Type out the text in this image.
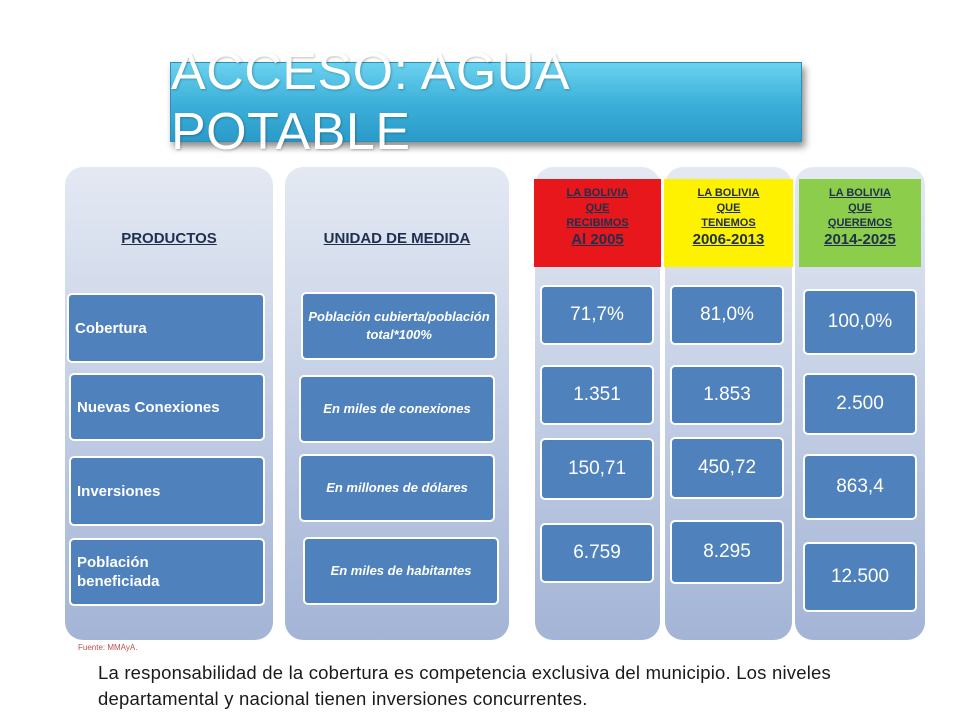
ACCESO: AGUA POTABLE
PRODUCTOS
Cobertura
Nuevas Conexiones
Inversiones
Población beneficiada
UNIDAD DE MEDIDA
Población cubierta/población total*100%
En miles de conexiones
En millones de dólares
En miles de habitantes
LA BOLIVIA
QUE
RECIBIMOS
Al 2005
71,7%
1.351
150,71
6.759
LA BOLIVIA
QUE
TENEMOS
2006-2013
81,0%
1.853
450,72
8.295
LA BOLIVIA
QUE
QUEREMOS
2014-2025
100,0%
2.500
863,4
12.500
Fuente: MMAyA.
La responsabilidad de la cobertura es competencia exclusiva del municipio. Los niveles departamental y nacional tienen inversiones concurrentes.
